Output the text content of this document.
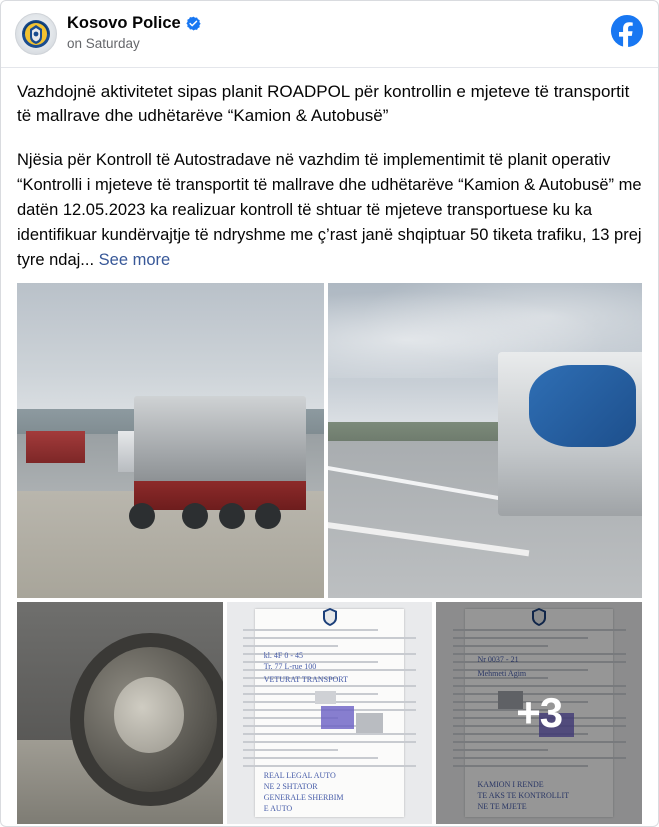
Kosovo Police
on Saturday

Vazhdojnë aktivitetet sipas planit ROADPOL për kontrollin e mjeteve të transportit të mallrave dhe udhëtarëve “Kamion & Autobusë”

Njësia për Kontroll të Autostradave në vazhdim të implementimit të planit operativ “Kontrolli i mjeteve të transportit të mallrave dhe udhëtarëve “Kamion & Autobusë” me datën 12.05.2023 ka realizuar kontroll të shtuar të mjeteve transportuese ku ka identifikuar kundërvajtje të ndryshme me ç’rast janë shqiptuar 50 tiketa trafiku, 13 prej tyre ndaj... See more

kl. 4F 0 - 45
Tr. 77 L-rue 100
VETURAT TRANSPORT
REAL LEGAL AUTO
NE 2 SHTATOR
GENERALE SHERBIM
E AUTO
Nr 0037 - 21
Mehmeti Agim
KAMION I RENDE
TE AKS TE KONTROLLIT
NE TE MJETE
+3
